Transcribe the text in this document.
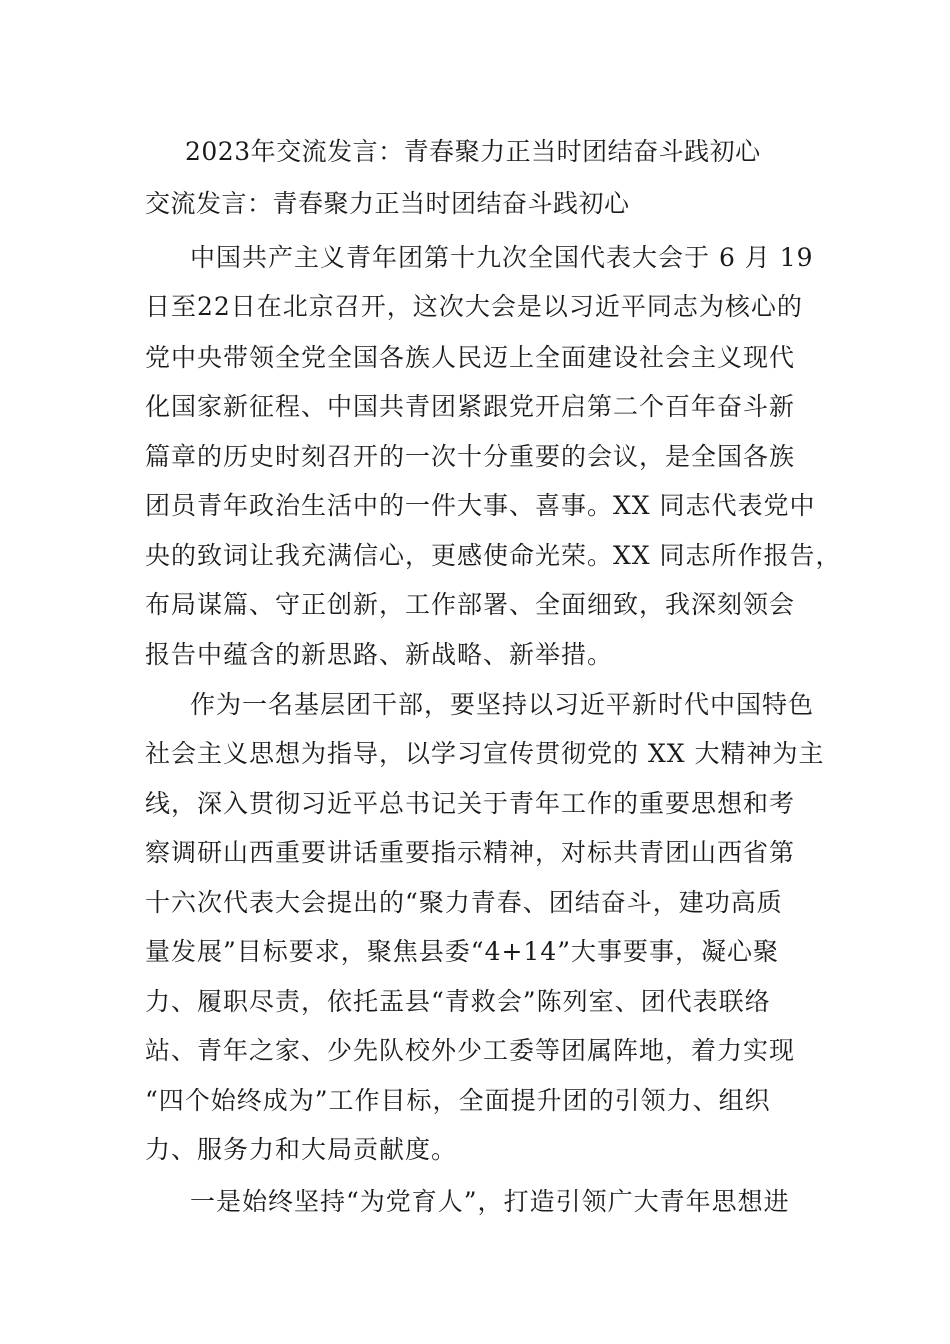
2023年交流发言：青春聚力正当时团结奋斗践初心
交流发言：青春聚力正当时团结奋斗践初心
中国共产主义青年团第十九次全国代表大会于 6 月 19
日至22日在北京召开，这次大会是以习近平同志为核心的
党中央带领全党全国各族人民迈上全面建设社会主义现代
化国家新征程、中国共青团紧跟党开启第二个百年奋斗新
篇章的历史时刻召开的一次十分重要的会议，是全国各族
团员青年政治生活中的一件大事、喜事。XX 同志代表党中
央的致词让我充满信心，更感使命光荣。XX 同志所作报告，
布局谋篇、守正创新，工作部署、全面细致，我深刻领会
报告中蕴含的新思路、新战略、新举措。
作为一名基层团干部，要坚持以习近平新时代中国特色
社会主义思想为指导，以学习宣传贯彻党的 XX 大精神为主
线，深入贯彻习近平总书记关于青年工作的重要思想和考
察调研山西重要讲话重要指示精神，对标共青团山西省第
十六次代表大会提出的“聚力青春、团结奋斗，建功高质
量发展”目标要求，聚焦县委“4+14”大事要事，凝心聚
力、履职尽责，依托盂县“青救会”陈列室、团代表联络
站、青年之家、少先队校外少工委等团属阵地，着力实现
“四个始终成为”工作目标，全面提升团的引领力、组织
力、服务力和大局贡献度。
一是始终坚持“为党育人”，打造引领广大青年思想进
